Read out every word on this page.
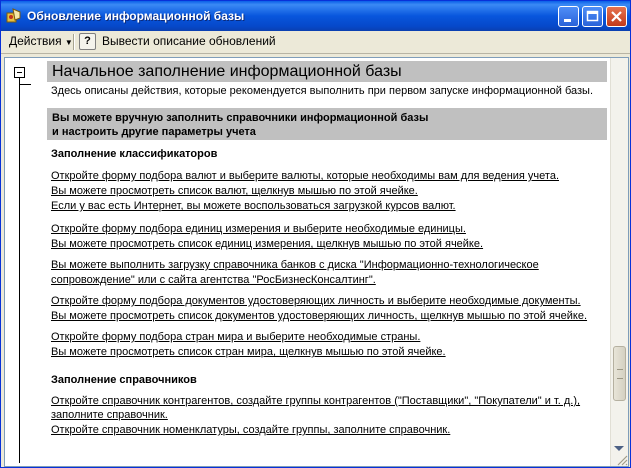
Обновление информационной базы
Действия ▼	? Вывести описание обновлений
Начальное заполнение информационной базы
Здесь описаны действия, которые рекомендуется выполнить при первом запуске информационной базы.
Вы можете вручную заполнить справочники информационной базы
и настроить другие параметры учета
Заполнение классификаторов
Откройте форму подбора валют и выберите валюты, которые необходимы вам для ведения учета.
Вы можете просмотреть список валют, щелкнув мышью по этой ячейке.
Если у вас есть Интернет, вы можете воспользоваться загрузкой курсов валют.
Откройте форму подбора единиц измерения и выберите необходимые единицы.
Вы можете просмотреть список единиц измерения, щелкнув мышью по этой ячейке.
Вы можете выполнить загрузку справочника банков с диска "Информационно-технологическое
сопровождение" или с сайта агентства "РосБизнесКонсалтинг".
Откройте форму подбора документов удостоверяющих личность и выберите необходимые документы.
Вы можете просмотреть список документов удостоверяющих личность, щелкнув мышью по этой ячейке.
Откройте форму подбора стран мира и выберите необходимые страны.
Вы можете просмотреть список стран мира, щелкнув мышью по этой ячейке.
Заполнение справочников
Откройте справочник контрагентов, создайте группы контрагентов ("Поставщики", "Покупатели" и т. д.),
заполните справочник.
Откройте справочник номенклатуры, создайте группы, заполните справочник.
